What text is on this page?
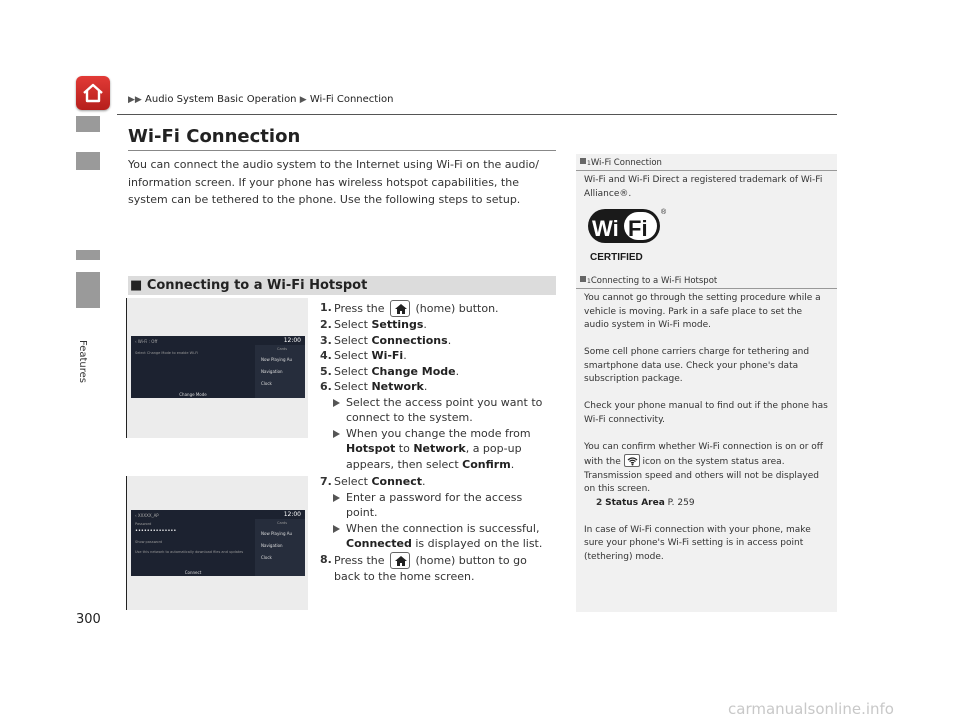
▶▶ Audio System Basic Operation ▶ Wi-Fi Connection
Features
300
Wi-Fi Connection
You can connect the audio system to the Internet using Wi-Fi on the audio/ information screen. If your phone has wireless hotspot capabilities, the system can be tethered to the phone. Use the following steps to setup.
■ Connecting to a Wi-Fi Hotspot
‹ Wi-Fi : Off	12:00
Select Change Mode to enable Wi-Fi
Cards
Now Playing Au
Navigation
Clock
Change Mode
‹ XXXXX_AP	12:00
Password
••••••••••••••
Show password
Use this network to automatically download files and updates
Cards
Now Playing Au
Navigation
Clock
Connect
1. Press the	(home) button.
2. Select Settings.
3. Select Connections.
4. Select Wi-Fi.
5. Select Change Mode.
6. Select Network.
Select the access point you want to connect to the system.
When you change the mode from Hotspot to Network, a pop-up appears, then select Confirm.
7. Select Connect.
Enter a password for the access point.
When the connection is successful, Connected is displayed on the list.
8. Press the	(home) button to go back to the home screen.
1Wi-Fi Connection
Wi-Fi and Wi-Fi Direct a registered trademark of Wi-Fi Alliance®.
Wi Fi
®
CERTIFIED
1Connecting to a Wi-Fi Hotspot

You cannot go through the setting procedure while a vehicle is moving. Park in a safe place to set the audio system in Wi-Fi mode.

Some cell phone carriers charge for tethering and smartphone data use. Check your phone's data subscription package.

Check your phone manual to find out if the phone has Wi-Fi connectivity.

You can confirm whether Wi-Fi connection is on or off with the icon on the system status area. Transmission speed and others will not be displayed on this screen.

2 Status Area P. 259

In case of Wi-Fi connection with your phone, make sure your phone's Wi-Fi setting is in access point (tethering) mode.

carmanualsonline.info
